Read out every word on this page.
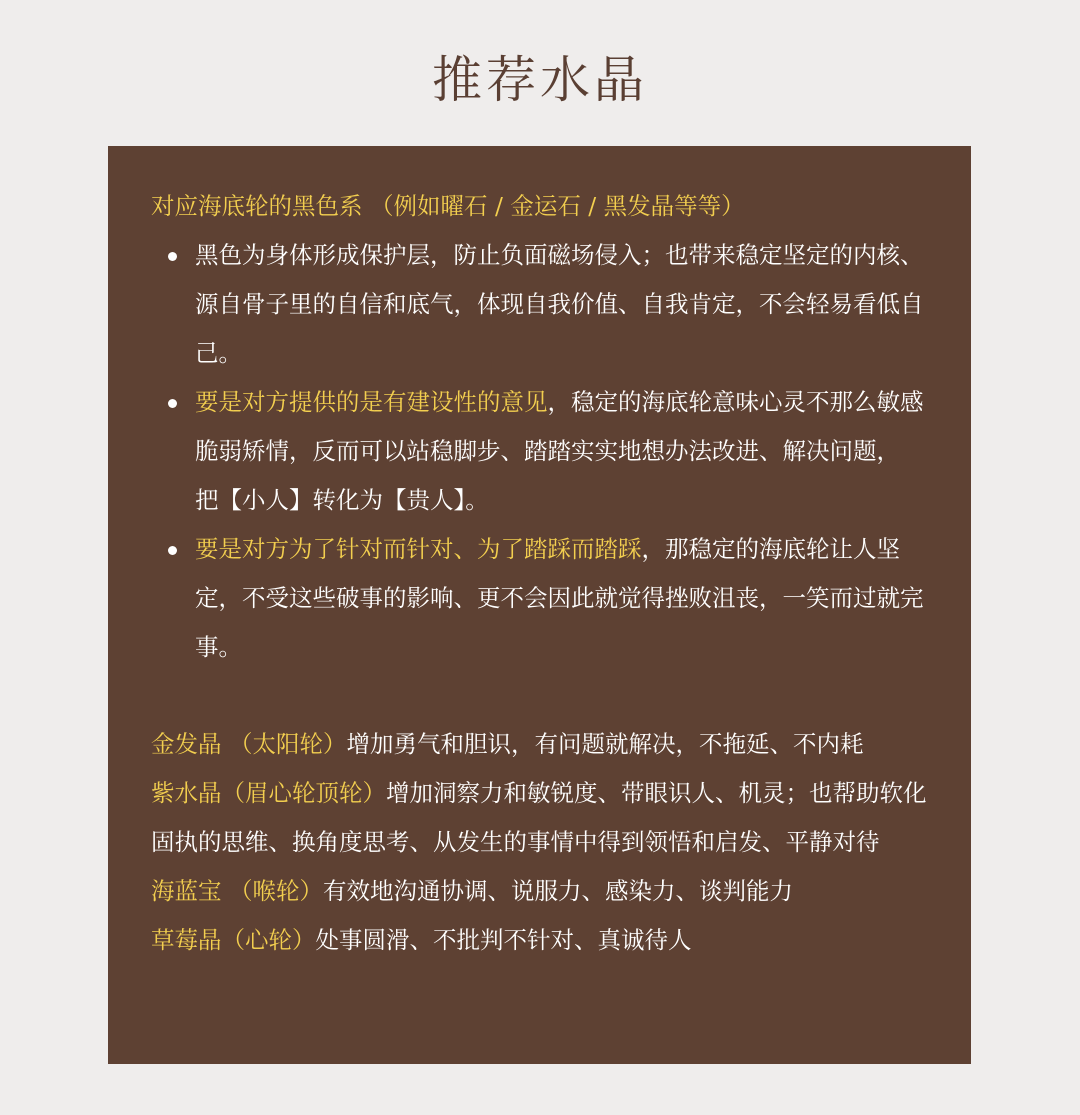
推荐水晶

对应海底轮的黑色系 （例如曜石 / 金运石 / 黑发晶等等）

黑色为身体形成保护层，防止负面磁场侵入；也带来稳定坚定的内核、源自骨子里的自信和底气，体现自我价值、自我肯定，不会轻易看低自己。
要是对方提供的是有建设性的意见，稳定的海底轮意味心灵不那么敏感脆弱矫情，反而可以站稳脚步、踏踏实实地想办法改进、解决问题，　把【小人】转化为【贵人】。
要是对方为了针对而针对、为了踏踩而踏踩，那稳定的海底轮让人坚定，不受这些破事的影响、更不会因此就觉得挫败沮丧，一笑而过就完事。

金发晶 （太阳轮）增加勇气和胆识，有问题就解决，不拖延、不内耗

紫水晶（眉心轮顶轮）增加洞察力和敏锐度、带眼识人、机灵；也帮助软化固执的思维、换角度思考、从发生的事情中得到领悟和启发、平静对待

海蓝宝 （喉轮）有效地沟通协调、说服力、感染力、谈判能力

草莓晶（心轮）处事圆滑、不批判不针对、真诚待人
